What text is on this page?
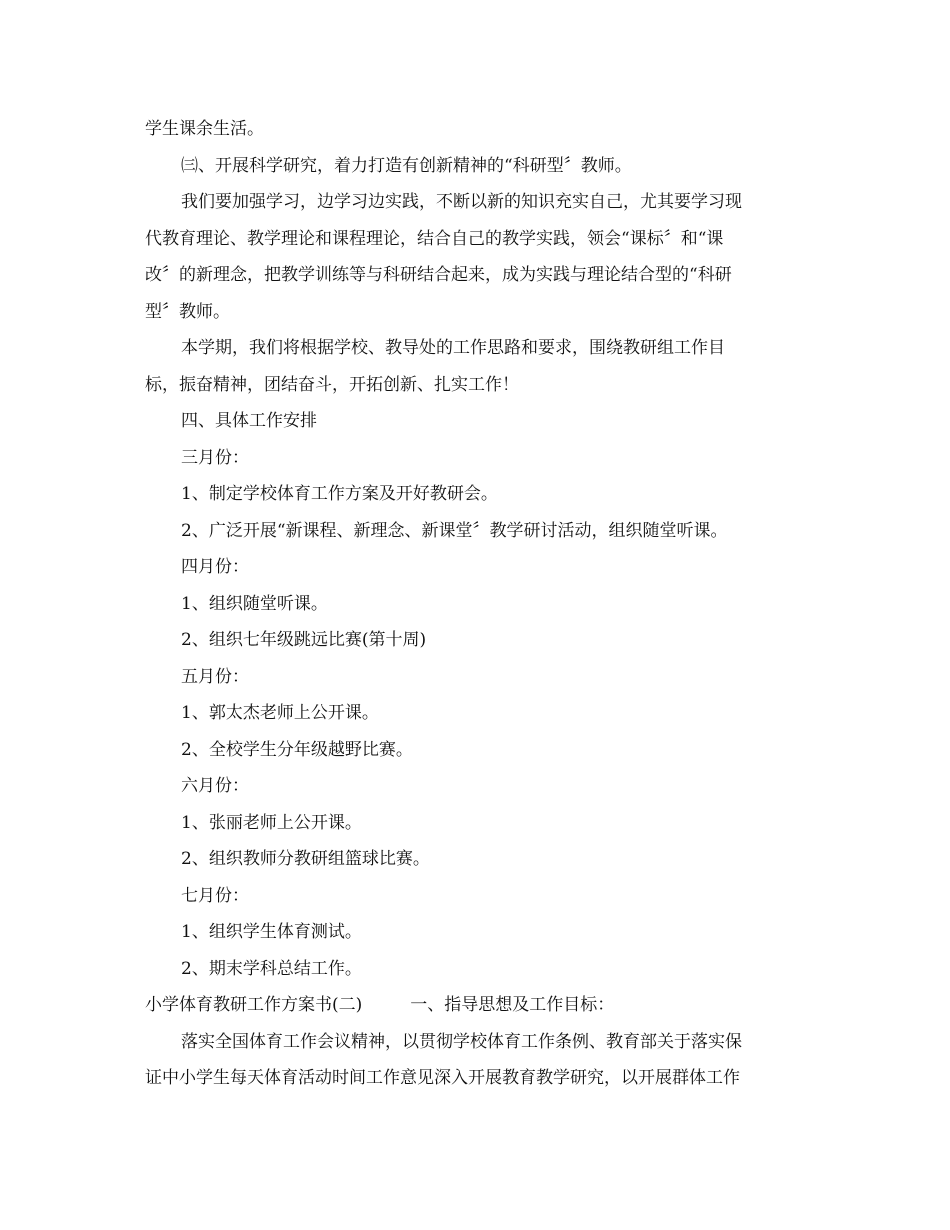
学生课余生活。

㈢、开展科学研究，着力打造有创新精神的“科研型〞教师。

我们要加强学习，边学习边实践，不断以新的知识充实自己，尤其要学习现

代教育理论、教学理论和课程理论，结合自己的教学实践，领会“课标〞和“课

改〞的新理念，把教学训练等与科研结合起来，成为实践与理论结合型的“科研

型〞教师。

本学期，我们将根据学校、教导处的工作思路和要求，围绕教研组工作目

标，振奋精神，团结奋斗，开拓创新、扎实工作！

四、具体工作安排

三月份：

1、制定学校体育工作方案及开好教研会。

2、广泛开展“新课程、新理念、新课堂〞教学研讨活动，组织随堂听课。

四月份：

1、组织随堂听课。

2、组织七年级跳远比赛(第十周)

五月份：

1、郭太杰老师上公开课。

2、全校学生分年级越野比赛。

六月份：

1、张丽老师上公开课。

2、组织教师分教研组篮球比赛。

七月份：

1、组织学生体育测试。

2、期末学科总结工作。

小学体育教研工作方案书(二)	一、指导思想及工作目标：

落实全国体育工作会议精神，以贯彻学校体育工作条例、教育部关于落实保

证中小学生每天体育活动时间工作意见深入开展教育教学研究，以开展群体工作
